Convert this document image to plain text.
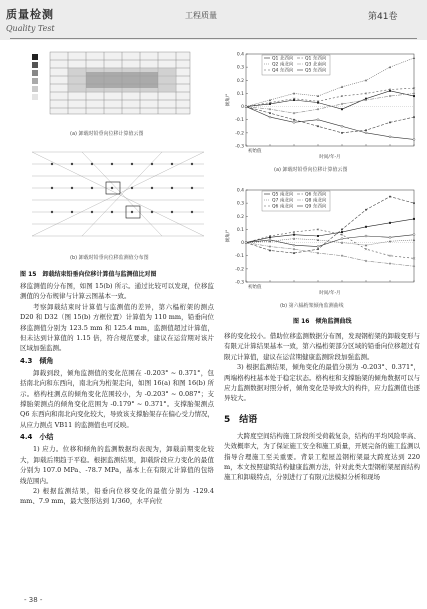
质量检测
Quality Test
工程质量	第41卷
(a) 卸载时铅垂向位移计算值云图
(b) 卸载时铅垂向位移监测值分布图
图 15　卸载结束铅垂向位移计算值与监测值比对图
0.4
0.3
0.2
0.1
0
-0.1
-0.2
-0.3
初始值
倾角/°
时间/年-月
Q1 北西向	Q1 东西向
Q2 南北向	Q3 北南向
Q4 东西向	Q5 东西向
(a) 卸载时铅垂向位移计算值云图
0.4
0.3
0.2
0.1
0
-0.1
-0.2
-0.3
初始值
倾角/°
时间/年-月
Q5 南北向	Q6 东西向
Q7 南北向	Q8 南北向
Q6 南北向	Q9 东西向
(b) 第六榀桁架倾角监测曲线
图 16　倾角监测曲线
移监测值的分布图，如图 15(b) 所示。通过比较可以发现，位移监测值的分布规律与计算云图基本一致。
考察卸载结束时计算值与监测值的差异，第六榀桁架的测点 D20 和 D32（图 15(b) 方框位置）计算值为 110 mm，铅垂向位移监测值分别为 123.5 mm 和 125.4 mm，监测值超过计算值，但未达到计算值的 1.15 倍，符合规范要求，建议在运营期对该片区域加强监测。
4.3　倾角
卸载到段，倾角监测值的变化范围在 -0.203° ~ 0.371°，包括南北向和东西向，南北向为桁架走向，如图 16(a) 和图 16(b) 所示。格构柱测点的倾角变化范围较小，为 -0.203° ~ 0.087°；支撑胎架测点的倾角变化范围为 -0.179° ~ 0.371°。支撑胎架测点 Q6 东西向和南北向变化较大，导致该支撑胎架存在偏心受力情况，从应力测点 VB11 的监测值也可反映。
4.4　小结
1) 应力。位移和倾角的监测数据均表现为，卸载前期变化较大，卸载后期趋于平稳。根据监测结果，卸载阶段应力变化的最值分别为 107.0 MPa、-78.7 MPa，基本上在有限元计算值的包络线范围内。
2) 根据监测结果，铅垂向位移变化的最值分别为 -129.4 mm、7.9 mm，最大竖形达到 1/360，水平向位
移的变化较小。借助位移监测数据分布图，发现钢桁架的卸载变形与有限元计算结果基本一致，第六榀桁架部分区域的铅垂向位移超过有限元计算值，建议在运营期健康监测阶段加强监测。
3) 根据监测结果，倾角变化的最值分别为 -0.203°、0.371°，两端格构柱基本处于稳定状态。格构柱和支撑胎架的倾角数据可以与应力监测数据对照分析，倾角变化是导致大的构件，应力监测值也逐异较大。
5　结语
大跨度空间结构施工阶段所受荷载复杂，结构的平均风险率高、失效概率大，为了保证施工安全和施工质量，开展完备的施工监测以指导合理施工至关重要。背景工程屋盖钢桁架最大跨度达到 220 m，本文按照建筑结构健康监测方法，针对此类大型钢桁架屋面结构施工和卸载特点，分别进行了有限元法模拟分析和现场
- 38 -
